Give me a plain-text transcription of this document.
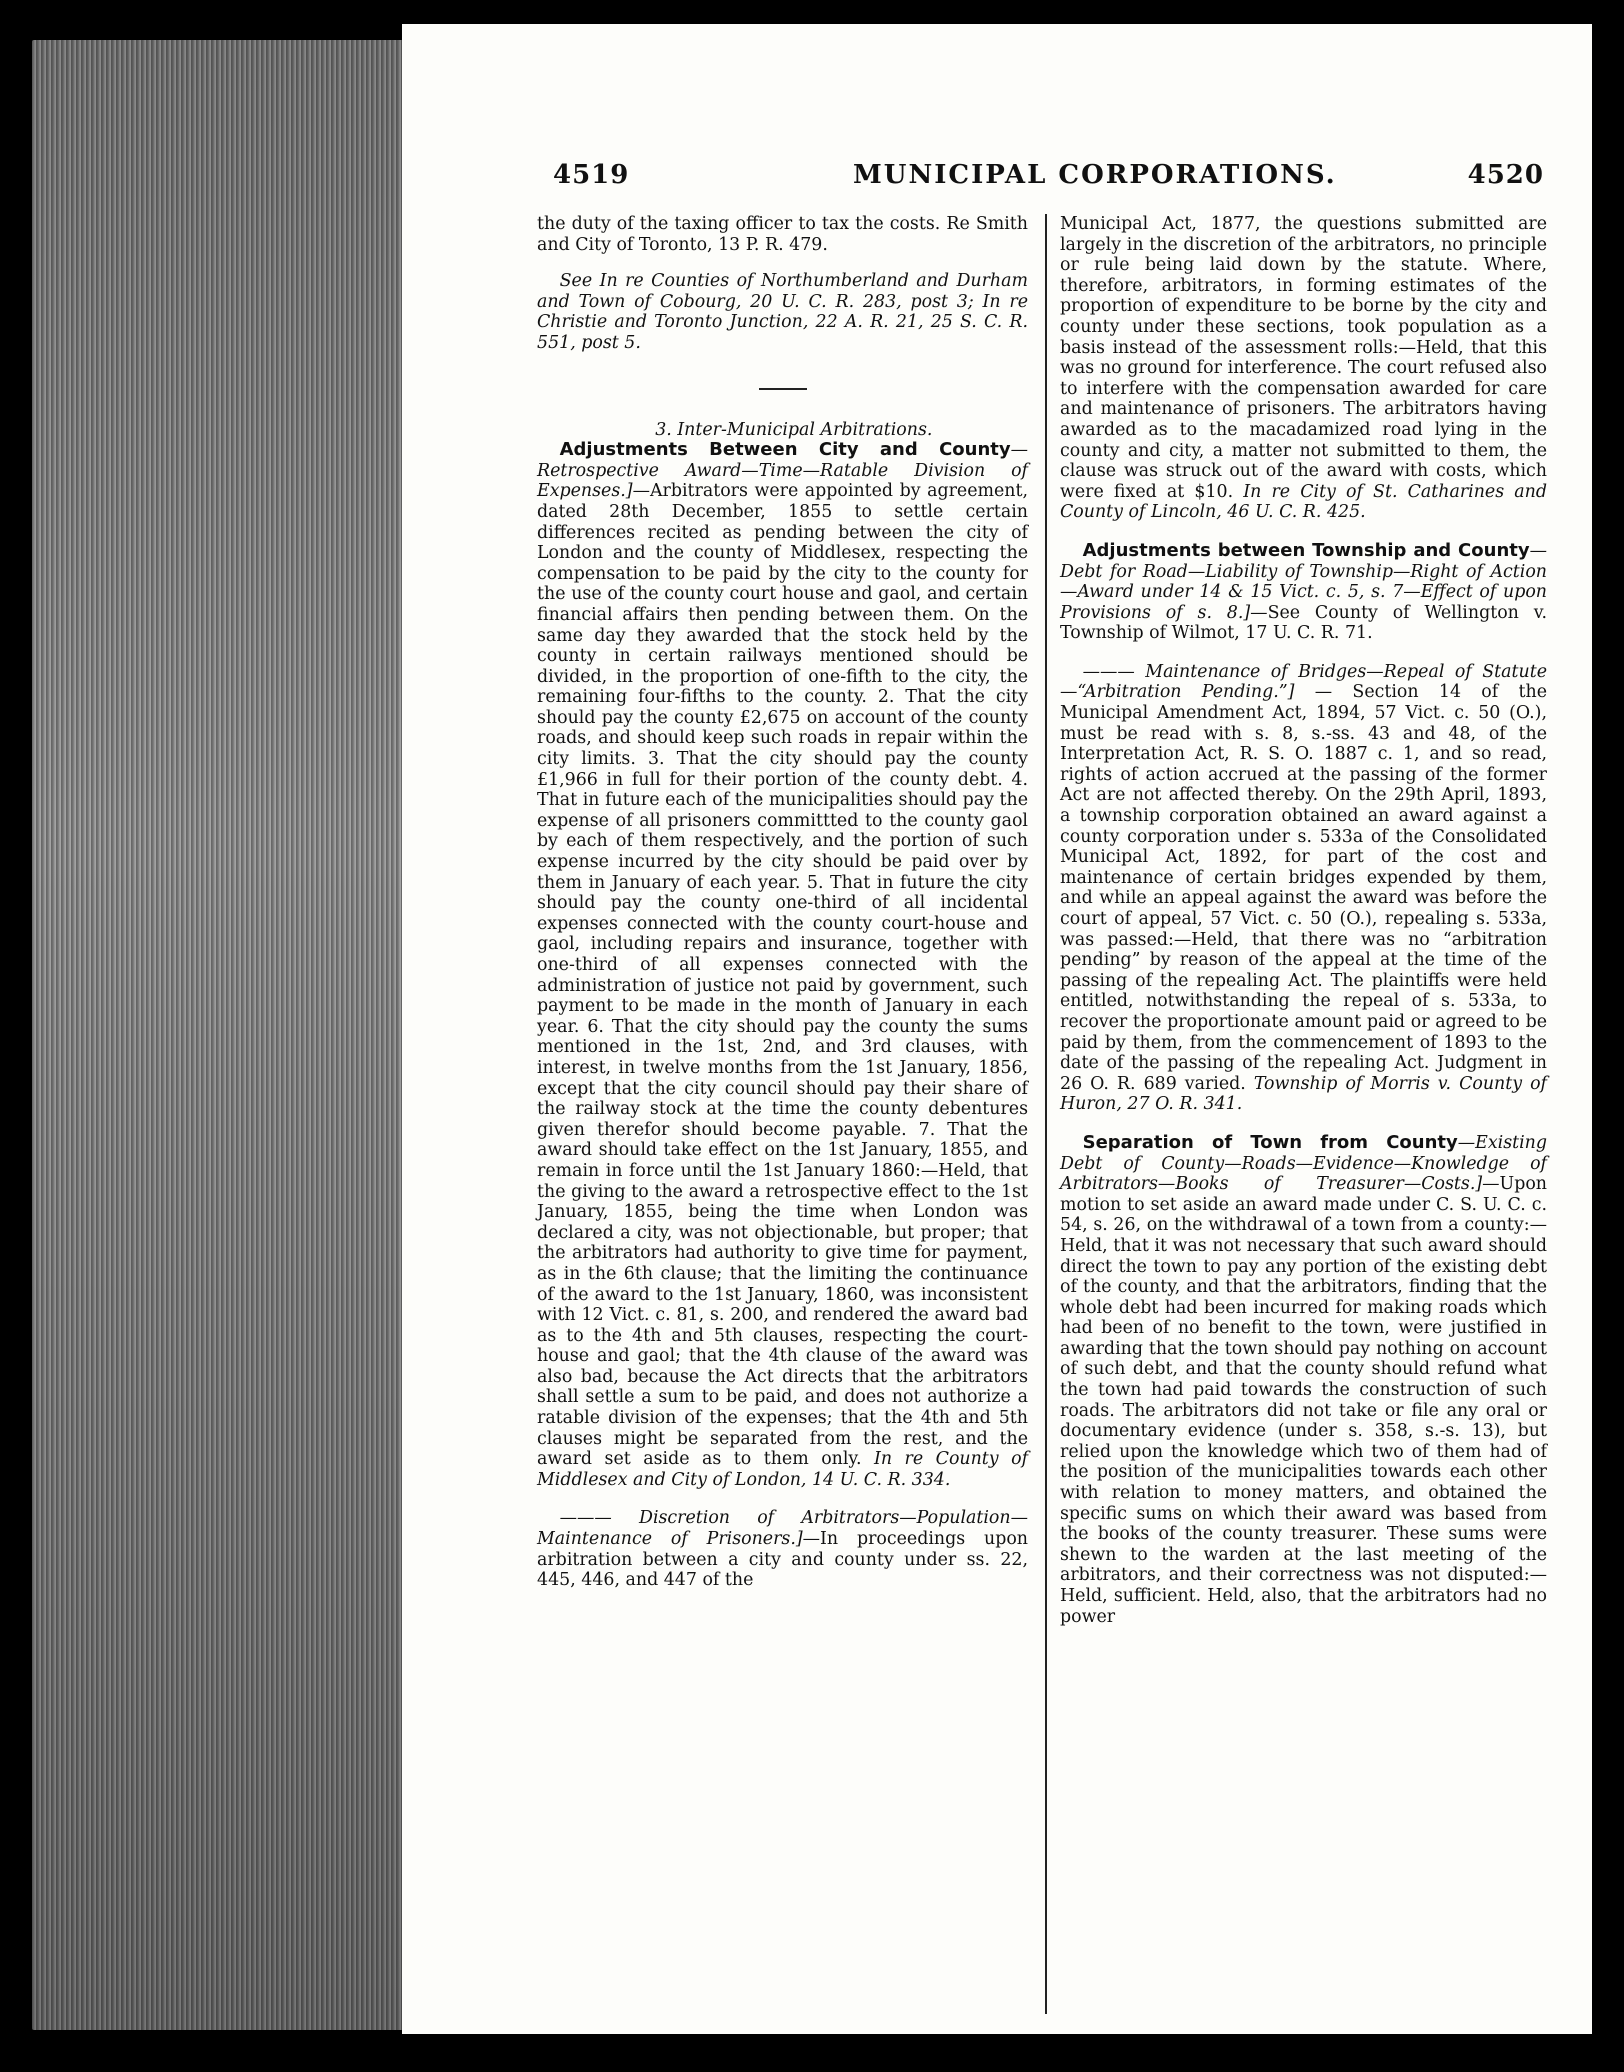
4519	MUNICIPAL CORPORATIONS.	4520

the duty of the taxing officer to tax the costs. Re Smith and City of Toronto, 13 P. R. 479.

See In re Counties of Northumberland and Durham and Town of Cobourg, 20 U. C. R. 283, post 3; In re Christie and Toronto Junction, 22 A. R. 21, 25 S. C. R. 551, post 5.

3. Inter-Municipal Arbitrations.

Adjustments Between City and County—Retrospective Award—Time—Ratable Division of Expenses.]—Arbitrators were appointed by agreement, dated 28th December, 1855 to settle certain differences recited as pending between the city of London and the county of Middlesex, respecting the compensation to be paid by the city to the county for the use of the county court house and gaol, and certain financial affairs then pending between them. On the same day they awarded that the stock held by the county in certain railways mentioned should be divided, in the proportion of one-fifth to the city, the remaining four-fifths to the county. 2. That the city should pay the county £2,675 on account of the county roads, and should keep such roads in repair within the city limits. 3. That the city should pay the county £1,966 in full for their portion of the county debt. 4. That in future each of the municipalities should pay the expense of all prisoners committted to the county gaol by each of them respectively, and the portion of such expense incurred by the city should be paid over by them in January of each year. 5. That in future the city should pay the county one-third of all incidental expenses connected with the county court-house and gaol, including repairs and insurance, together with one-third of all expenses connected with the administration of justice not paid by government, such payment to be made in the month of January in each year. 6. That the city should pay the county the sums mentioned in the 1st, 2nd, and 3rd clauses, with interest, in twelve months from the 1st January, 1856, except that the city council should pay their share of the railway stock at the time the county debentures given therefor should become payable. 7. That the award should take effect on the 1st January, 1855, and remain in force until the 1st January 1860:—Held, that the giving to the award a retrospective effect to the 1st January, 1855, being the time when London was declared a city, was not objectionable, but proper; that the arbitrators had authority to give time for payment, as in the 6th clause; that the limiting the continuance of the award to the 1st January, 1860, was inconsistent with 12 Vict. c. 81, s. 200, and rendered the award bad as to the 4th and 5th clauses, respecting the court-house and gaol; that the 4th clause of the award was also bad, because the Act directs that the arbitrators shall settle a sum to be paid, and does not authorize a ratable division of the expenses; that the 4th and 5th clauses might be separated from the rest, and the award set aside as to them only. In re County of Middlesex and City of London, 14 U. C. R. 334.

——— Discretion of Arbitrators—Population—Maintenance of Prisoners.]—In proceedings upon arbitration between a city and county under ss. 22, 445, 446, and 447 of the

Municipal Act, 1877, the questions submitted are largely in the discretion of the arbitrators, no principle or rule being laid down by the statute. Where, therefore, arbitrators, in forming estimates of the proportion of expenditure to be borne by the city and county under these sections, took population as a basis instead of the assessment rolls:—Held, that this was no ground for interference. The court refused also to interfere with the compensation awarded for care and maintenance of prisoners. The arbitrators having awarded as to the macadamized road lying in the county and city, a matter not submitted to them, the clause was struck out of the award with costs, which were fixed at $10. In re City of St. Catharines and County of Lincoln, 46 U. C. R. 425.

Adjustments between Township and County—Debt for Road—Liability of Township—Right of Action—Award under 14 & 15 Vict. c. 5, s. 7—Effect of upon Provisions of s. 8.]—See County of Wellington v. Township of Wilmot, 17 U. C. R. 71.

——— Maintenance of Bridges—Repeal of Statute—“Arbitration Pending.”] — Section 14 of the Municipal Amendment Act, 1894, 57 Vict. c. 50 (O.), must be read with s. 8, s.-ss. 43 and 48, of the Interpretation Act, R. S. O. 1887 c. 1, and so read, rights of action accrued at the passing of the former Act are not affected thereby. On the 29th April, 1893, a township corporation obtained an award against a county corporation under s. 533a of the Consolidated Municipal Act, 1892, for part of the cost and maintenance of certain bridges expended by them, and while an appeal against the award was before the court of appeal, 57 Vict. c. 50 (O.), repealing s. 533a, was passed:—Held, that there was no “arbitration pending” by reason of the appeal at the time of the passing of the repealing Act. The plaintiffs were held entitled, notwithstanding the repeal of s. 533a, to recover the proportionate amount paid or agreed to be paid by them, from the commencement of 1893 to the date of the passing of the repealing Act. Judgment in 26 O. R. 689 varied. Township of Morris v. County of Huron, 27 O. R. 341.

Separation of Town from County—Existing Debt of County—Roads—Evidence—Knowledge of Arbitrators—Books of Treasurer—Costs.]—Upon motion to set aside an award made under C. S. U. C. c. 54, s. 26, on the withdrawal of a town from a county:—Held, that it was not necessary that such award should direct the town to pay any portion of the existing debt of the county, and that the arbitrators, finding that the whole debt had been incurred for making roads which had been of no benefit to the town, were justified in awarding that the town should pay nothing on account of such debt, and that the county should refund what the town had paid towards the construction of such roads. The arbitrators did not take or file any oral or documentary evidence (under s. 358, s.-s. 13), but relied upon the knowledge which two of them had of the position of the municipalities towards each other with relation to money matters, and obtained the specific sums on which their award was based from the books of the county treasurer. These sums were shewn to the warden at the last meeting of the arbitrators, and their correctness was not disputed:—Held, sufficient. Held, also, that the arbitrators had no power
